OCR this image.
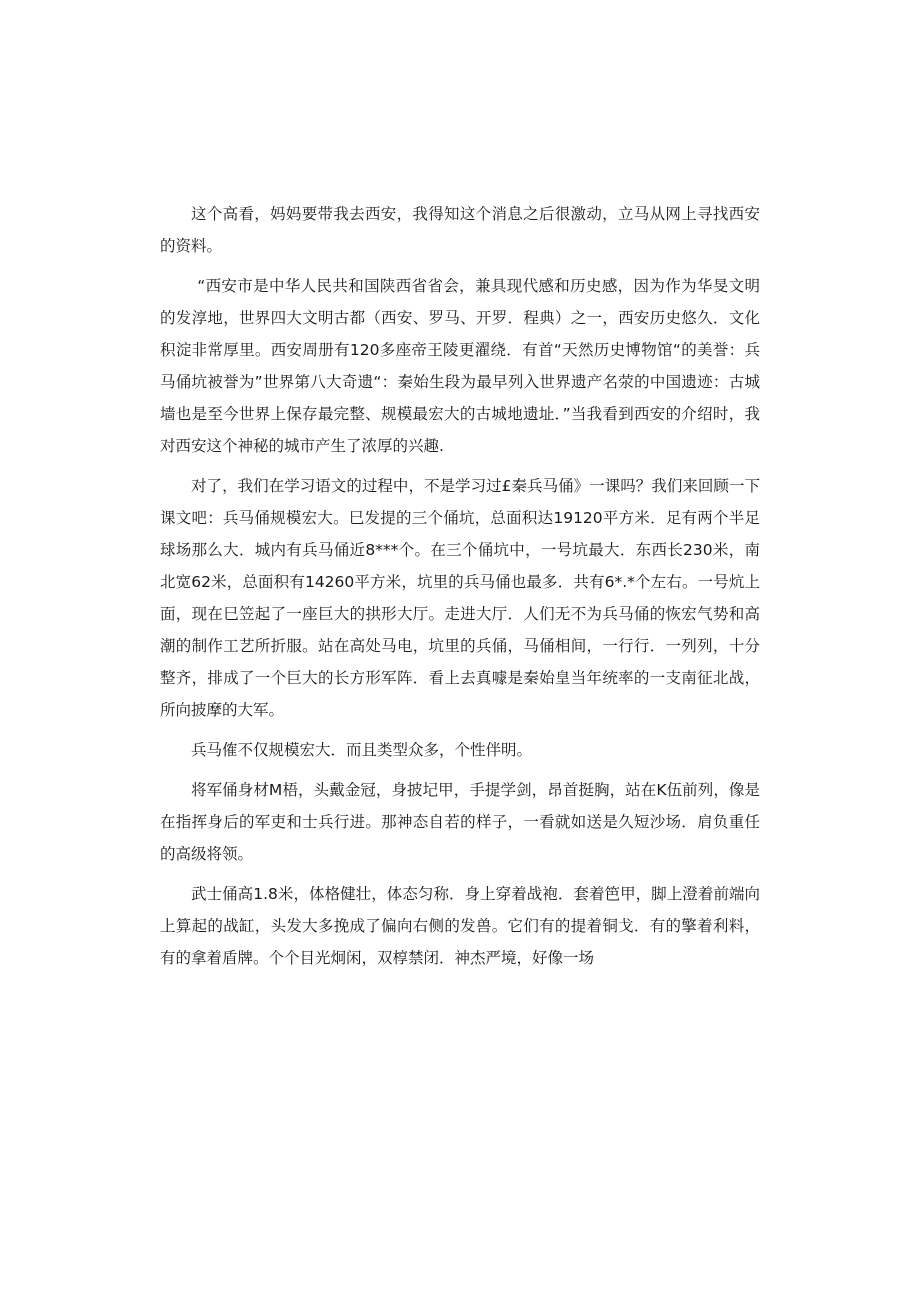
这个高看，妈妈要带我去西安，我得知这个消息之后很激动，立马从网上寻找西安的资料。

“西安市是中华人民共和国陕西省省会，兼具现代感和历史感，因为作为华旻文明的发淳地，世界四大文明古都（西安、罗马、开罗．程典）之一，西安历史悠久．文化积淀非常厚里。西安周册有120多座帝王陵更濯绕．有首“天然历史博物馆“的美誉：兵马俑坑被誉为”世界第八大奇遗“：秦始生段为最早列入世界遗产名荥的中国遗迹：古城墙也是至今世界上保存最完整、规模最宏大的古城地遗址．”当我看到西安的介绍时，我对西安这个神秘的城市产生了浓厚的兴趣.

对了，我们在学习语文的过程中，不是学习过£秦兵马俑》一课吗？我们来回顾一下课文吧：兵马俑规模宏大。巳发提的三个俑坑，总面积达19120平方米．足有两个半足球场那么大．城内有兵马俑近8***个。在三个俑坑中，一号坑最大．东西长230米，南北宽62米，总面积有14260平方米，坑里的兵马俑也最多．共有6*.*个左右。一号炕上面，现在巳笠起了一座巨大的拱形大厅。走进大厅．人们无不为兵马俑的恢宏气势和高潮的制作工艺所折服。站在高处马电，坑里的兵俑，马俑相间，一行行．一列列，十分整齐，排成了一个巨大的长方形军阵．看上去真噱是秦始皇当年统率的一支南征北战，所向披摩的大军。

兵马傕不仅规模宏大．而且类型众多，个性伴明。

将军俑身材M梧，头戴金冠，身披圮甲，手提学剑，昂首挺胸，站在K伍前列，像是在指挥身后的军吏和士兵行进。那神态自若的样子，一看就如送是久短沙场．肩负重任的高级将领。

武士俑高1.8米，体格健壮，体态匀称．身上穿着战袍．套着笆甲，脚上澄着前端向上算起的战缸，头发大多挽成了偏向右侧的发兽。它们有的提着铜戈．有的擎着利料，有的拿着盾牌。个个目光炯闲，双椁禁闭．神杰严境，好像一场
